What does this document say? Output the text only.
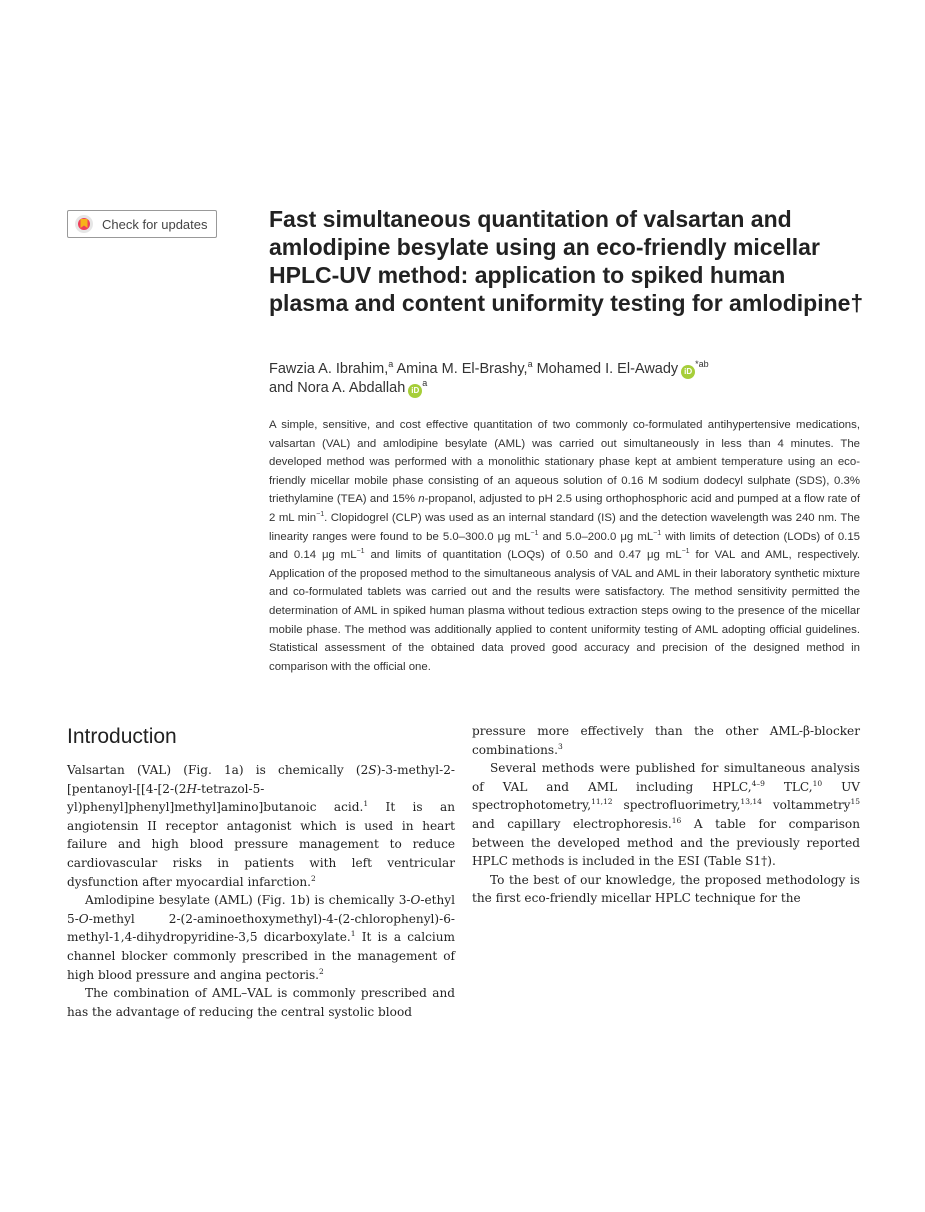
Check for updates	Fast simultaneous quantitation of valsartan and amlodipine besylate using an eco-friendly micellar HPLC-UV method: application to spiked human plasma and content uniformity testing for amlodipine†
Fawzia A. Ibrahim,$^a$ Amina M. El-Brashy,$^a$ Mohamed I. El-Awady $iD^{*ab}$
and Nora A. Abdallah $iD^a$

A simple, sensitive, and cost effective quantitation of two commonly co-formulated antihypertensive medications, valsartan (VAL) and amlodipine besylate (AML) was carried out simultaneously in less than 4 minutes. The developed method was performed with a monolithic stationary phase kept at ambient temperature using an eco-friendly micellar mobile phase consisting of an aqueous solution of 0.16 M sodium dodecyl sulphate (SDS), 0.3% triethylamine (TEA) and 15% n-propanol, adjusted to pH 2.5 using orthophosphoric acid and pumped at a flow rate of 2 mL $\min^{-1}$. Clopidogrel (CLP) was used as an internal standard (IS) and the detection wavelength was 240 nm. The linearity ranges were found to be 5.0–300.0 μg $mL^{-1}$ and 5.0–200.0 μg $mL^{-1}$ with limits of detection (LODs) of 0.15 and 0.14 μg $mL^{-1}$ and limits of quantitation (LOQs) of 0.50 and 0.47 μg $mL^{-1}$ for VAL and AML, respectively. Application of the proposed method to the simultaneous analysis of VAL and AML in their laboratory synthetic mixture and co-formulated tablets was carried out and the results were satisfactory. The method sensitivity permitted the determination of AML in spiked human plasma without tedious extraction steps owing to the presence of the micellar mobile phase. The method was additionally applied to content uniformity testing of AML adopting official guidelines. Statistical assessment of the obtained data proved good accuracy and precision of the designed method in comparison with the official one.

Introduction

Valsartan (VAL) (Fig. 1a) is chemically (2S)-3-methyl-2-[pentanoyl-[[4-[2-(2H-tetrazol-5-yl)phenyl]phenyl]methyl]amino]butanoic acid.$^1$ It is an angiotensin II receptor antagonist which is used in heart failure and high blood pressure management to reduce cardiovascular risks in patients with left ventricular dysfunction after myocardial infarction.$^2$

Amlodipine besylate (AML) (Fig. 1b) is chemically 3-O-ethyl 5-O-methyl 2-(2-aminoethoxymethyl)-4-(2-chlorophenyl)-6-methyl-1,4-dihydropyridine-3,5 dicarboxylate.$^1$ It is a calcium channel blocker commonly prescribed in the management of high blood pressure and angina pectoris.$^2$

The combination of AML–VAL is commonly prescribed and has the advantage of reducing the central systolic blood

pressure more effectively than the other AML-β-blocker combinations.$^3$

Several methods were published for simultaneous analysis of VAL and AML including HPLC,$^{4-9}$ TLC,$^{10}$ UV spectrophotometry,$^{11,12}$ spectrofluorimetry,$^{13,14}$ voltammetry$^{15}$ and capillary electrophoresis.$^{16}$ A table for comparison between the developed method and the previously reported HPLC methods is included in the ESI (Table S1†).

To the best of our knowledge, the proposed methodology is the first eco-friendly micellar HPLC technique for the
